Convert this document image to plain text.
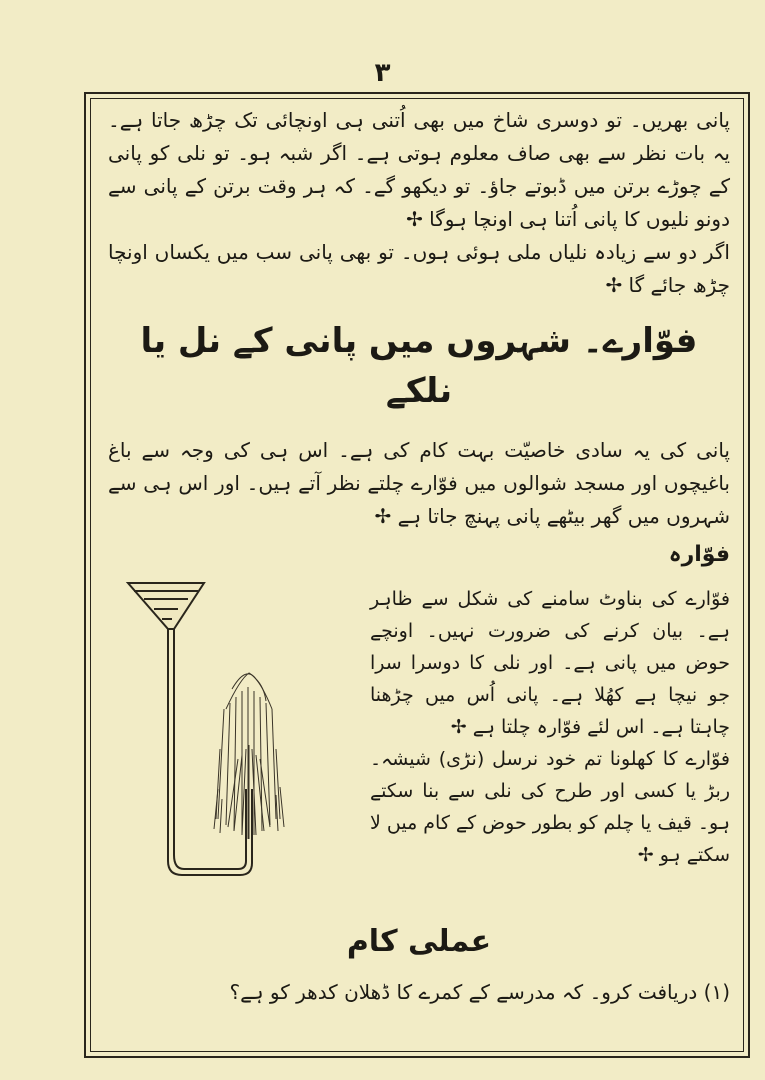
۳

پانی بھریں۔ تو دوسری شاخ میں بھی اُتنی ہی اونچائی تک چڑھ جاتا ہے۔ یہ بات نظر سے بھی صاف معلوم ہوتی ہے۔ اگر شبہ ہو۔ تو نلی کو پانی کے چوڑے برتن میں ڈبوتے جاؤ۔ تو دیکھو گے۔ کہ ہر وقت برتن کے پانی سے دونو نلیوں کا پانی اُتنا ہی اونچا ہوگا ✢

اگر دو سے زیادہ نلیاں ملی ہوئی ہوں۔ تو بھی پانی سب میں یکساں اونچا چڑھ جائے گا ✢

فوّارے۔ شہروں میں پانی کے نل یا نلکے

پانی کی یہ سادی خاصیّت بہت کام کی ہے۔ اس ہی کی وجہ سے باغ باغیچوں اور مسجد شوالوں میں فوّارے چلتے نظر آتے ہیں۔ اور اس ہی سے شہروں میں گھر بیٹھے پانی پہنچ جاتا ہے ✢

فوّارہ

فوّارے کی بناوٹ سامنے کی شکل سے ظاہر ہے۔ بیان کرنے کی ضرورت نہیں۔ اونچے حوض میں پانی ہے۔ اور نلی کا دوسرا سرا جو نیچا ہے کھُلا ہے۔ پانی اُس میں چڑھنا چاہتا ہے۔ اس لئے فوّارہ چلتا ہے ✢

فوّارے کا کھلونا تم خود نرسل (نڑی) شیشہ۔ ربڑ یا کسی اور طرح کی نلی سے بنا سکتے ہو۔ قیف یا چلم کو بطور حوض کے کام میں لا سکتے ہو ✢

عملی کام

(۱) دریافت کرو۔ کہ مدرسے کے کمرے کا ڈھلان کدھر کو ہے؟
